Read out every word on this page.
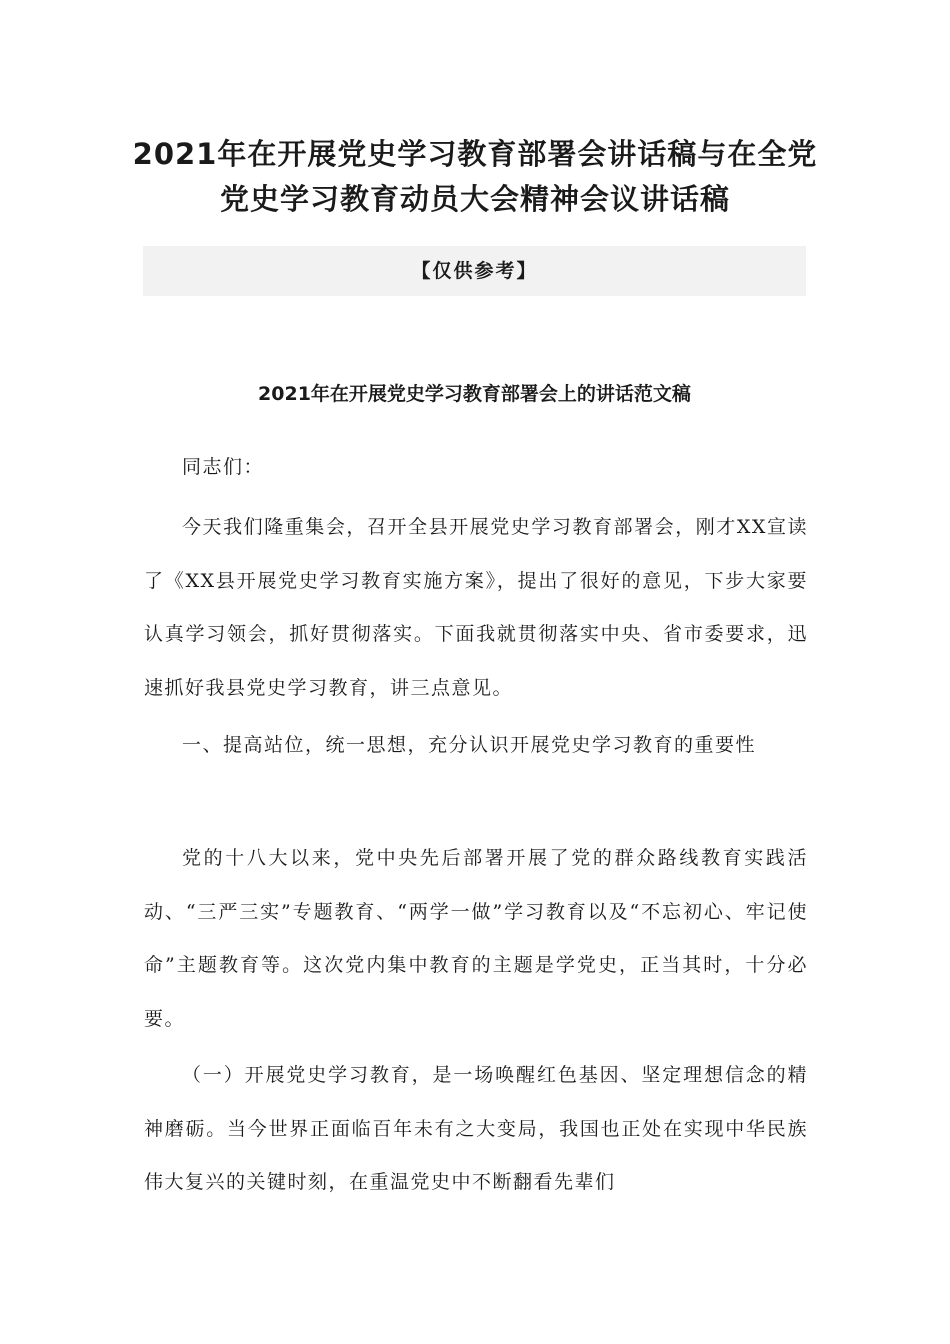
2021年在开展党史学习教育部署会讲话稿与在全党
党史学习教育动员大会精神会议讲话稿
【仅供参考】
2021年在开展党史学习教育部署会上的讲话范文稿

同志们：

今天我们隆重集会，召开全县开展党史学习教育部署会，刚才XX宣读了《XX县开展党史学习教育实施方案》，提出了很好的意见，下步大家要认真学习领会，抓好贯彻落实。下面我就贯彻落实中央、省市委要求，迅速抓好我县党史学习教育，讲三点意见。

一、提高站位，统一思想，充分认识开展党史学习教育的重要性

党的十八大以来，党中央先后部署开展了党的群众路线教育实践活动、“三严三实”专题教育、“两学一做”学习教育以及“不忘初心、牢记使命”主题教育等。这次党内集中教育的主题是学党史，正当其时，十分必要。

（一）开展党史学习教育，是一场唤醒红色基因、坚定理想信念的精神磨砺。当今世界正面临百年未有之大变局，我国也正处在实现中华民族伟大复兴的关键时刻，在重温党史中不断翻看先辈们
